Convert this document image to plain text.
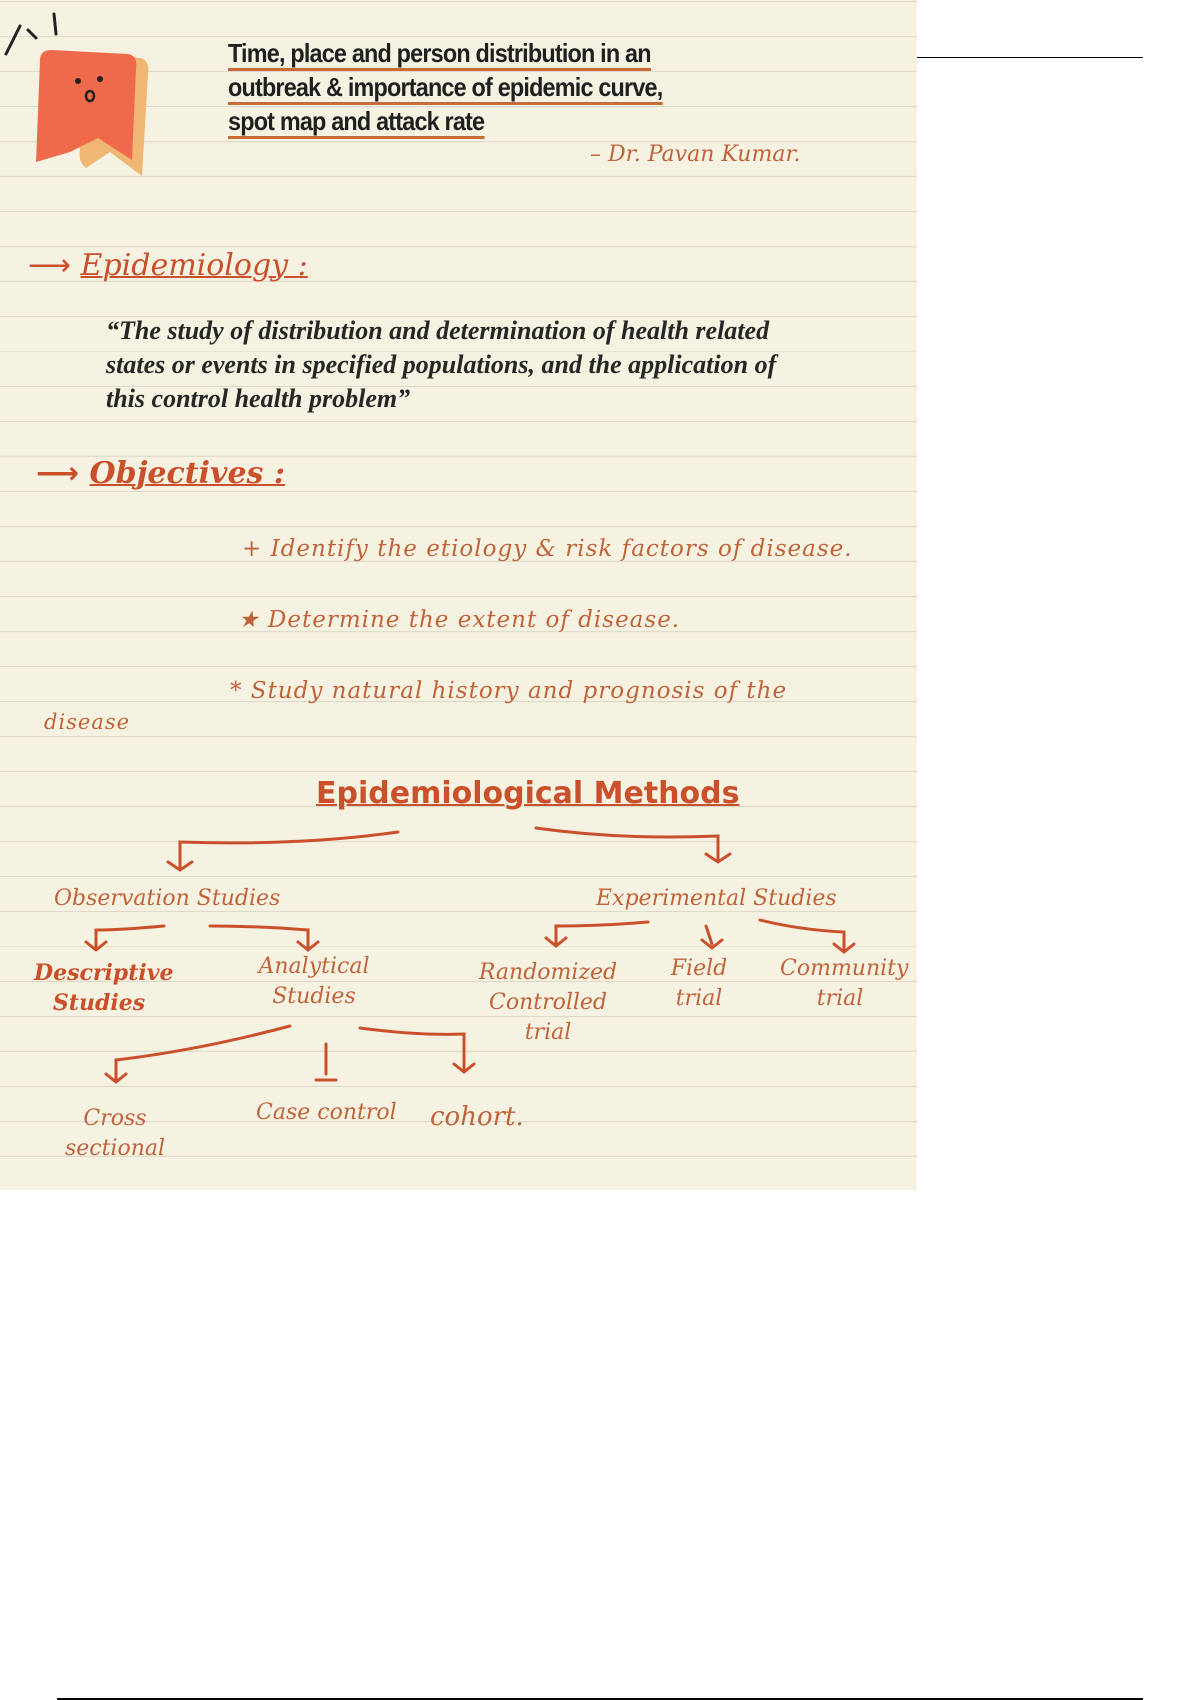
Time, place and person distribution in an
outbreak & importance of epidemic curve,
spot map and attack rate
– Dr. Pavan Kumar.
⟶ Epidemiology :

“The study of distribution and determination of health related states or events in specified populations, and the application of this control health problem”

⟶ Objectives :
+ Identify the etiology & risk factors of disease.
★ Determine the extent of disease.
* Study natural history and prognosis of the
disease
Epidemiological Methods
Observation Studies	Experimental Studies
Descriptive Studies
Analytical Studies
Randomized Controlled trial
Field trial
Community trial
Cross sectional
Case control cohort.
